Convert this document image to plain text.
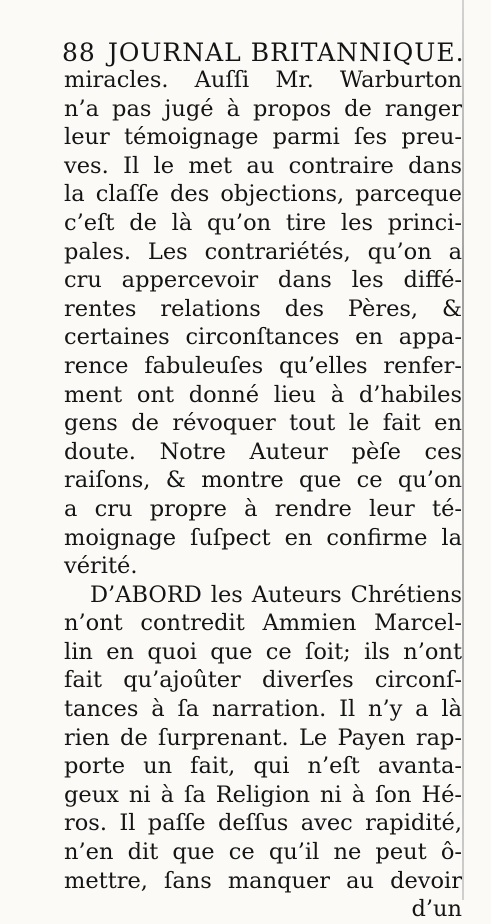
88 JOURNAL BRITANNIQUE.
miracles. Auſſi Mr. Warburton
n’a pas jugé à propos de ranger
leur témoignage parmi ſes preu-
ves. Il le met au contraire dans
la claſſe des objections, parceque
c’eſt de là qu’on tire les princi-
pales. Les contrariétés, qu’on a
cru appercevoir dans les diffé-
rentes relations des Pères, &
certaines circonſtances en appa-
rence fabuleuſes qu’elles renfer-
ment ont donné lieu à d’habiles
gens de révoquer tout le fait en
doute. Notre Auteur pèſe ces
raiſons, & montre que ce qu’on
a cru propre à rendre leur té-
moignage ſuſpect en confirme la
vérité.
D’ABORD les Auteurs Chrétiens
n’ont contredit Ammien Marcel-
lin en quoi que ce ſoit; ils n’ont
fait qu’ajoûter diverſes circonſ-
tances à ſa narration. Il n’y a là
rien de ſurprenant. Le Payen rap-
porte un fait, qui n’eſt avanta-
geux ni à ſa Religion ni à ſon Hé-
ros. Il paſſe deſſus avec rapidité,
n’en dit que ce qu’il ne peut ô-
mettre, ſans manquer au devoir
d’un
